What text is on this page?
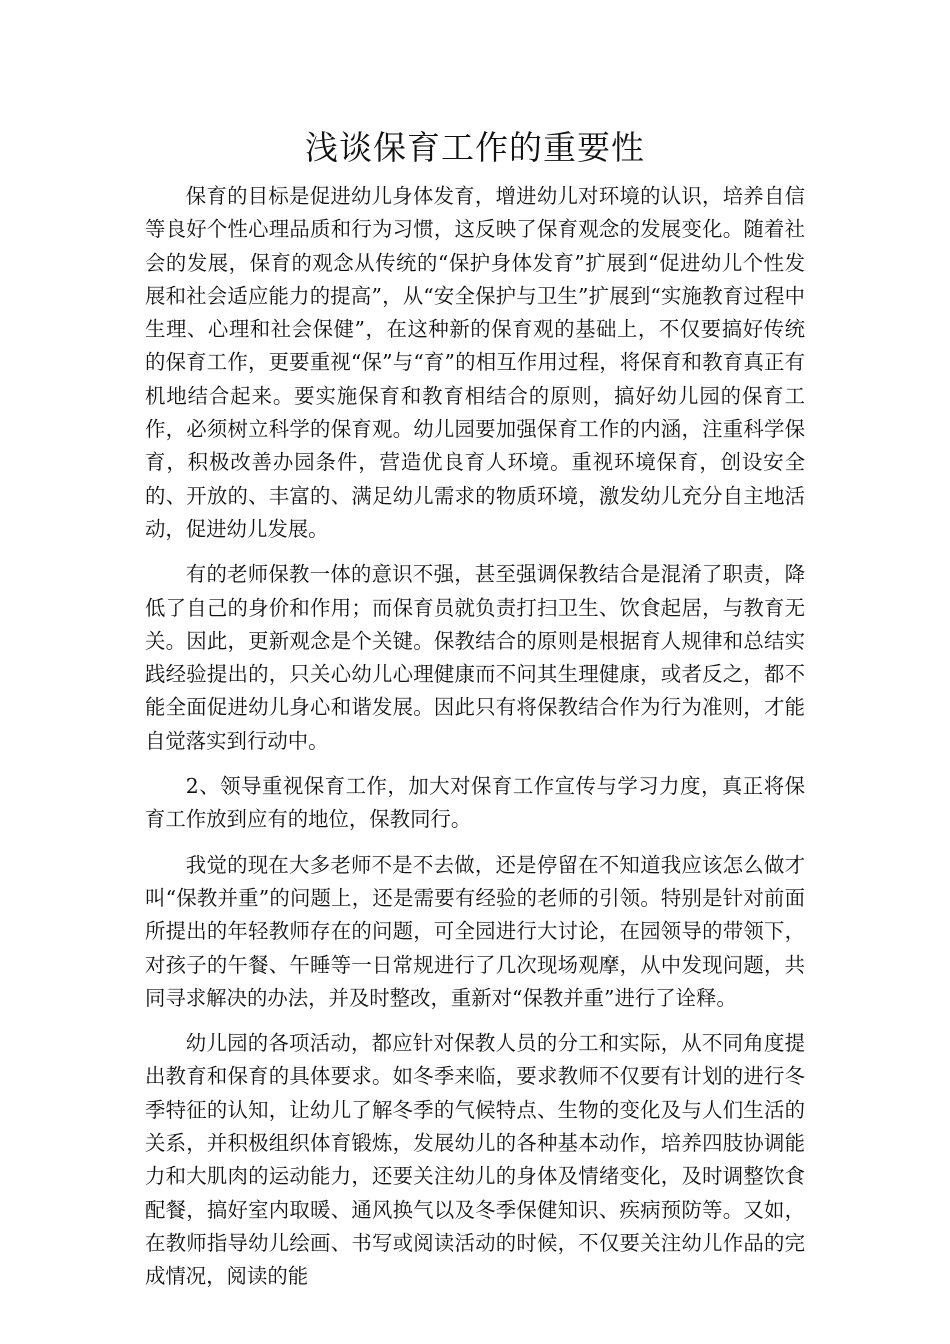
浅谈保育工作的重要性

保育的目标是促进幼儿身体发育，增进幼儿对环境的认识，培养自信等良好个性心理品质和行为习惯，这反映了保育观念的发展变化。随着社会的发展，保育的观念从传统的“保护身体发育”扩展到“促进幼儿个性发展和社会适应能力的提高”，从“安全保护与卫生”扩展到“实施教育过程中生理、心理和社会保健”，在这种新的保育观的基础上，不仅要搞好传统的保育工作，更要重视“保”与“育”的相互作用过程，将保育和教育真正有机地结合起来。要实施保育和教育相结合的原则，搞好幼儿园的保育工作，必须树立科学的保育观。幼儿园要加强保育工作的内涵，注重科学保育，积极改善办园条件，营造优良育人环境。重视环境保育，创设安全的、开放的、丰富的、满足幼儿需求的物质环境，激发幼儿充分自主地活动，促进幼儿发展。

有的老师保教一体的意识不强，甚至强调保教结合是混淆了职责，降低了自己的身价和作用；而保育员就负责打扫卫生、饮食起居，与教育无关。因此，更新观念是个关键。保教结合的原则是根据育人规律和总结实践经验提出的，只关心幼儿心理健康而不问其生理健康，或者反之，都不能全面促进幼儿身心和谐发展。因此只有将保教结合作为行为准则，才能自觉落实到行动中。

2、领导重视保育工作，加大对保育工作宣传与学习力度，真正将保育工作放到应有的地位，保教同行。

我觉的现在大多老师不是不去做，还是停留在不知道我应该怎么做才叫“保教并重”的问题上，还是需要有经验的老师的引领。特别是针对前面所提出的年轻教师存在的问题，可全园进行大讨论，在园领导的带领下，对孩子的午餐、午睡等一日常规进行了几次现场观摩，从中发现问题，共同寻求解决的办法，并及时整改，重新对“保教并重”进行了诠释。

幼儿园的各项活动，都应针对保教人员的分工和实际，从不同角度提出教育和保育的具体要求。如冬季来临，要求教师不仅要有计划的进行冬季特征的认知，让幼儿了解冬季的气候特点、生物的变化及与人们生活的关系，并积极组织体育锻炼，发展幼儿的各种基本动作，培养四肢协调能力和大肌肉的运动能力，还要关注幼儿的身体及情绪变化，及时调整饮食配餐，搞好室内取暖、通风换气以及冬季保健知识、疾病预防等。又如，在教师指导幼儿绘画、书写或阅读活动的时候，不仅要关注幼儿作品的完成情况，阅读的能
